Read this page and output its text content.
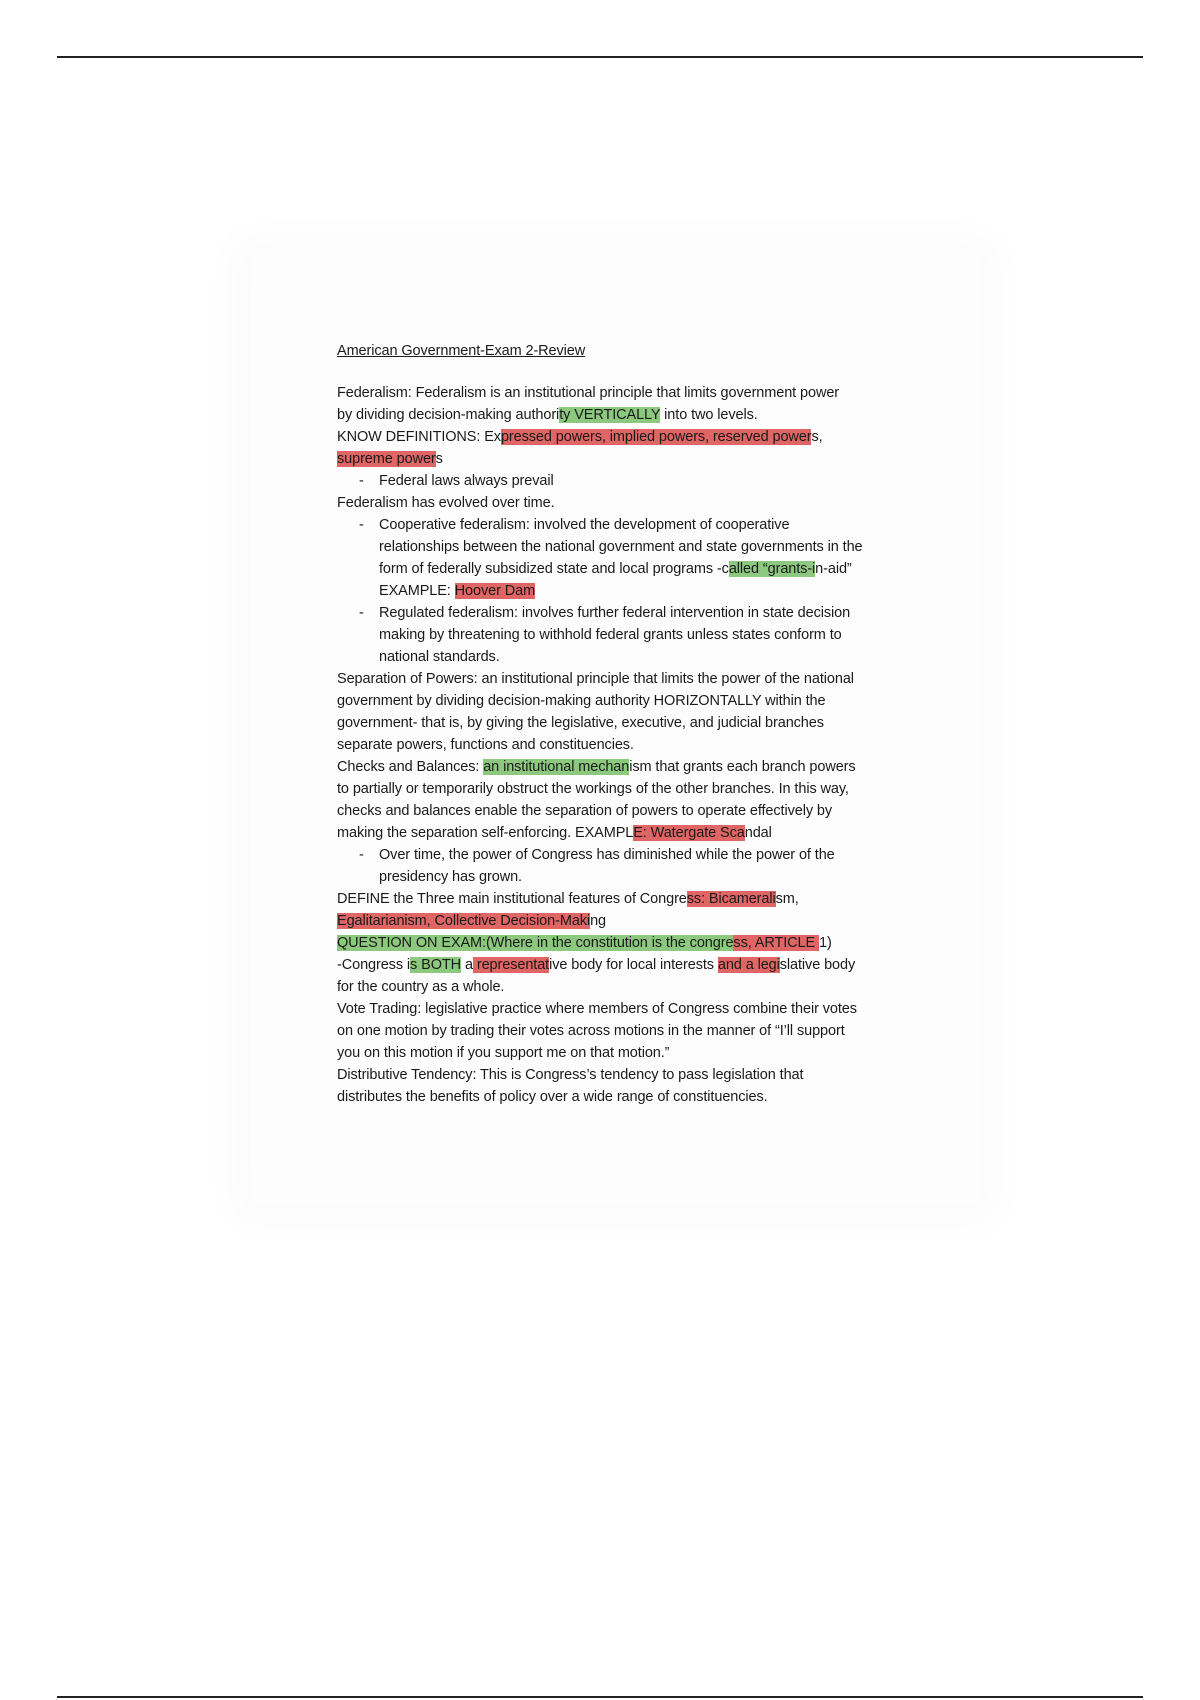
American Government-Exam 2-Review
Federalism: Federalism is an institutional principle that limits government power
by dividing decision-making authority VERTICALLY into two levels.
KNOW DEFINITIONS: Expressed powers, implied powers, reserved powers,
supreme powers
- Federal laws always prevail
Federalism has evolved over time.
- Cooperative federalism: involved the development of cooperative
relationships between the national government and state governments in the
form of federally subsidized state and local programs -called “grants-in-aid”
EXAMPLE: Hoover Dam
- Regulated federalism: involves further federal intervention in state decision
making by threatening to withhold federal grants unless states conform to
national standards.
Separation of Powers: an institutional principle that limits the power of the national
government by dividing decision-making authority HORIZONTALLY within the
government- that is, by giving the legislative, executive, and judicial branches
separate powers, functions and constituencies.
Checks and Balances: an institutional mechanism that grants each branch powers
to partially or temporarily obstruct the workings of the other branches. In this way,
checks and balances enable the separation of powers to operate effectively by
making the separation self-enforcing. EXAMPLE: Watergate Scandal
- Over time, the power of Congress has diminished while the power of the
presidency has grown.
DEFINE the Three main institutional features of Congress: Bicameralism,
Egalitarianism, Collective Decision-Making
QUESTION ON EXAM:(Where in the constitution is the congress, ARTICLE 1)
-Congress is BOTH a representative body for local interests and a legislative body
for the country as a whole.
Vote Trading: legislative practice where members of Congress combine their votes
on one motion by trading their votes across motions in the manner of “I’ll support
you on this motion if you support me on that motion.”
Distributive Tendency: This is Congress’s tendency to pass legislation that
distributes the benefits of policy over a wide range of constituencies.
